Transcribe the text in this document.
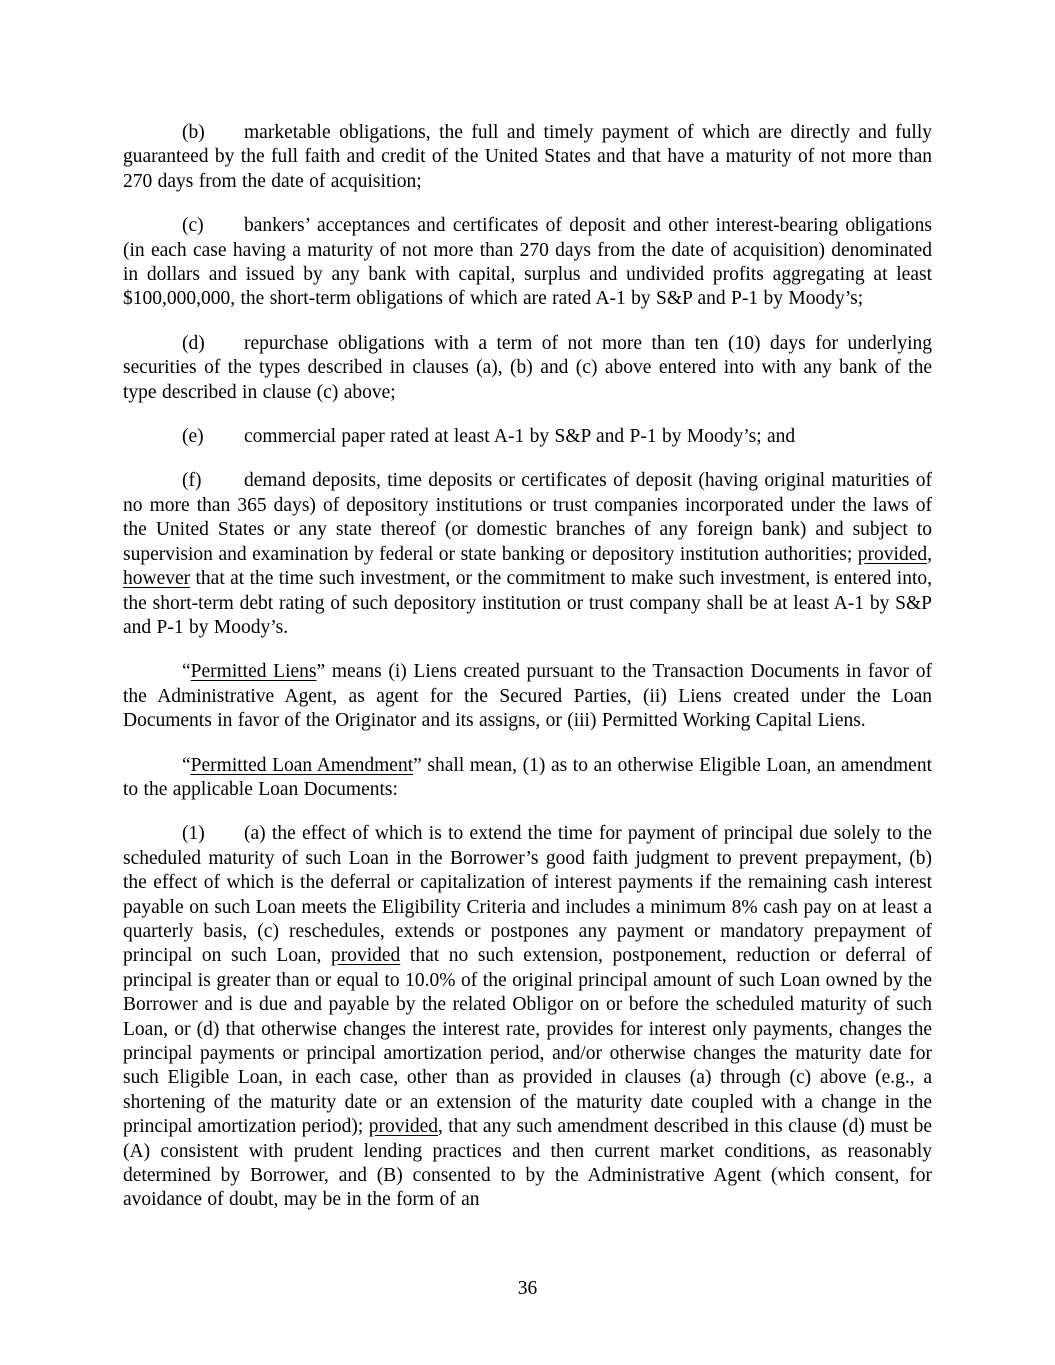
(b) marketable obligations, the full and timely payment of which are directly and fully guaranteed by the full faith and credit of the United States and that have a maturity of not more than 270 days from the date of acquisition;

(c) bankers’ acceptances and certificates of deposit and other interest-bearing obligations (in each case having a maturity of not more than 270 days from the date of acquisition) denominated in dollars and issued by any bank with capital, surplus and undivided profits aggregating at least $100,000,000, the short-term obligations of which are rated A-1 by S&P and P-1 by Moody’s;

(d) repurchase obligations with a term of not more than ten (10) days for underlying securities of the types described in clauses (a), (b) and (c) above entered into with any bank of the type described in clause (c) above;

(e) commercial paper rated at least A-1 by S&P and P-1 by Moody’s; and

(f) demand deposits, time deposits or certificates of deposit (having original maturities of no more than 365 days) of depository institutions or trust companies incorporated under the laws of the United States or any state thereof (or domestic branches of any foreign bank) and subject to supervision and examination by federal or state banking or depository institution authorities; provided, however that at the time such investment, or the commitment to make such investment, is entered into, the short-term debt rating of such depository institution or trust company shall be at least A-1 by S&P and P-1 by Moody’s.

“Permitted Liens” means (i) Liens created pursuant to the Transaction Documents in favor of the Administrative Agent, as agent for the Secured Parties, (ii) Liens created under the Loan Documents in favor of the Originator and its assigns, or (iii) Permitted Working Capital Liens.

“Permitted Loan Amendment” shall mean, (1) as to an otherwise Eligible Loan, an amendment to the applicable Loan Documents:

(1) (a) the effect of which is to extend the time for payment of principal due solely to the scheduled maturity of such Loan in the Borrower’s good faith judgment to prevent prepayment, (b) the effect of which is the deferral or capitalization of interest payments if the remaining cash interest payable on such Loan meets the Eligibility Criteria and includes a minimum 8% cash pay on at least a quarterly basis, (c) reschedules, extends or postpones any payment or mandatory prepayment of principal on such Loan, provided that no such extension, postponement, reduction or deferral of principal is greater than or equal to 10.0% of the original principal amount of such Loan owned by the Borrower and is due and payable by the related Obligor on or before the scheduled maturity of such Loan, or (d) that otherwise changes the interest rate, provides for interest only payments, changes the principal payments or principal amortization period, and/or otherwise changes the maturity date for such Eligible Loan, in each case, other than as provided in clauses (a) through (c) above (e.g., a shortening of the maturity date or an extension of the maturity date coupled with a change in the principal amortization period); provided, that any such amendment described in this clause (d) must be (A) consistent with prudent lending practices and then current market conditions, as reasonably determined by Borrower, and (B) consented to by the Administrative Agent (which consent, for avoidance of doubt, may be in the form of an

36
